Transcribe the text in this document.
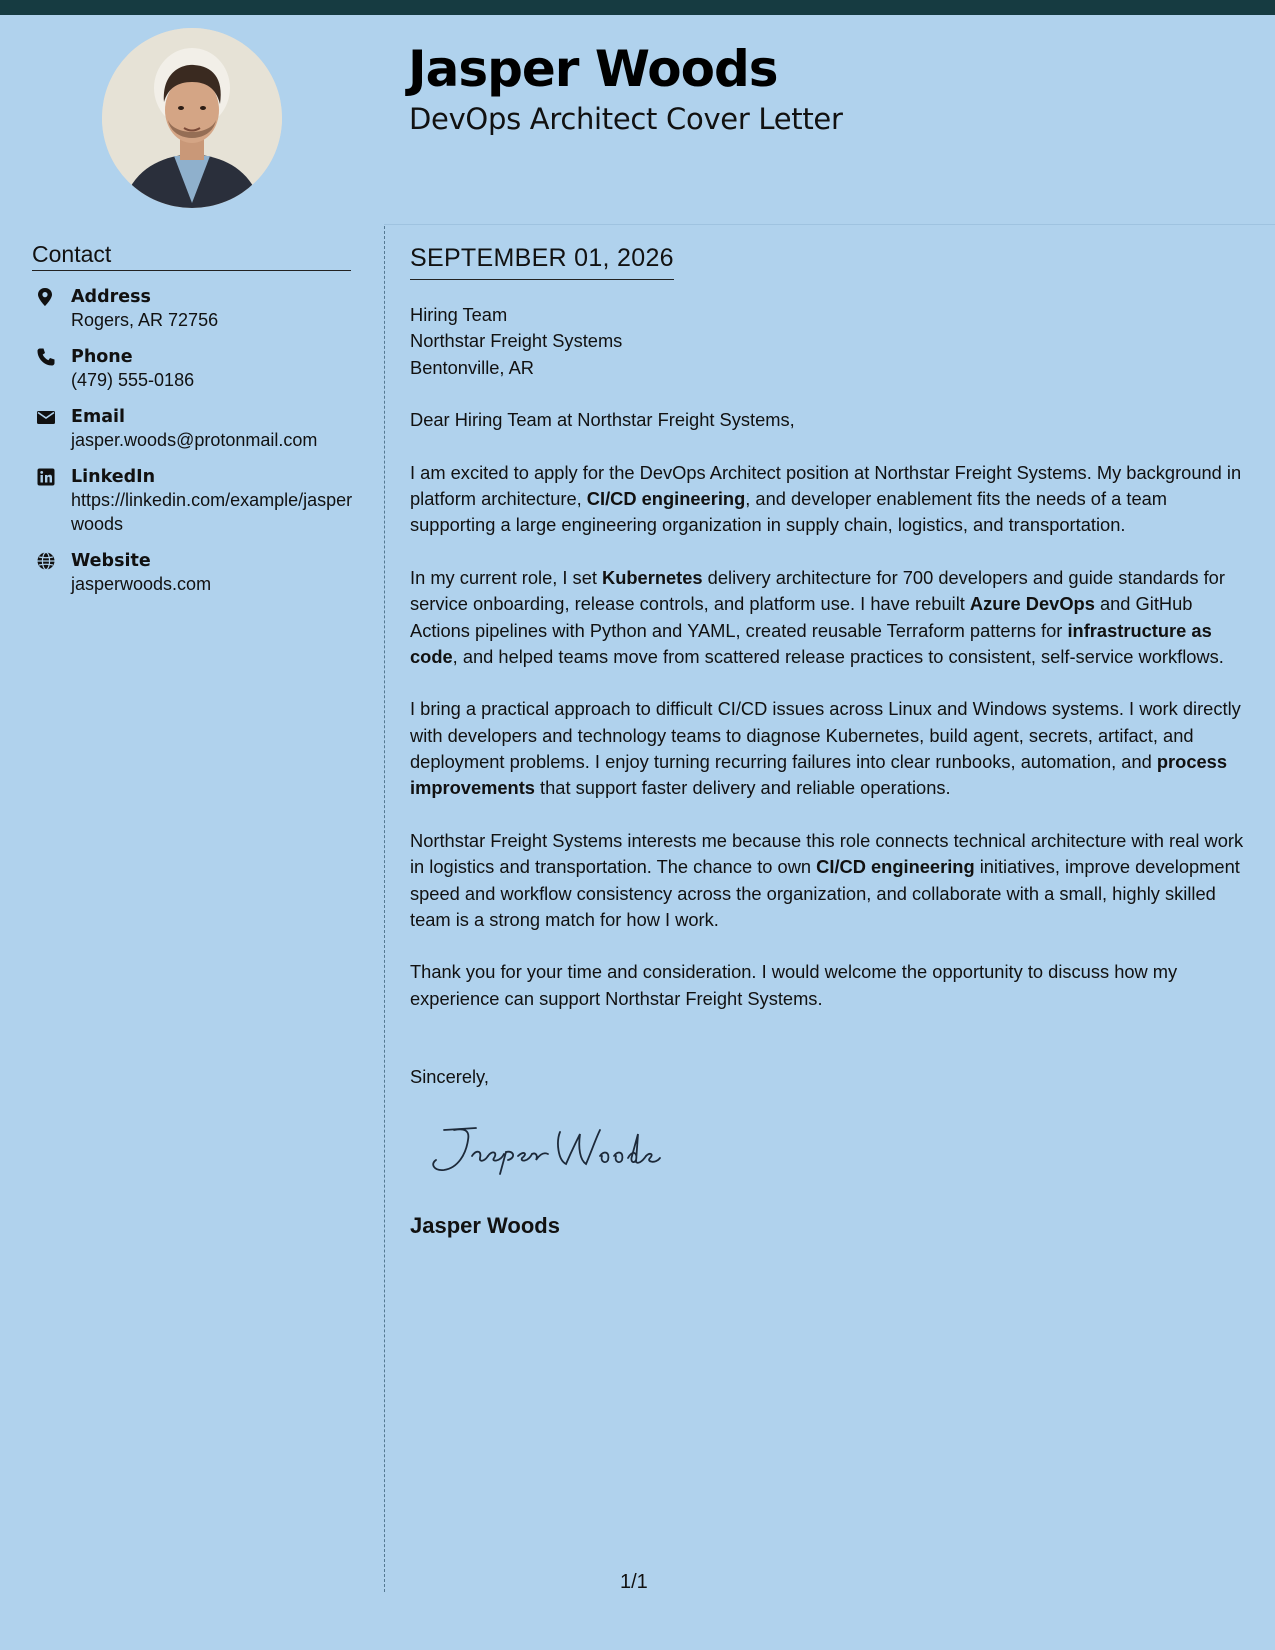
Jasper Woods
DevOps Architect Cover Letter
Contact
Address
Rogers, AR 72756
Phone
(479) 555-0186
Email
jasper.woods@protonmail.com
LinkedIn
https://linkedin.com/example/jasperwoods
Website
jasperwoods.com
SEPTEMBER 01, 2026

Hiring Team
Northstar Freight Systems
Bentonville, AR

Dear Hiring Team at Northstar Freight Systems,

I am excited to apply for the DevOps Architect position at Northstar Freight Systems. My background in platform architecture, CI/CD engineering, and developer enablement fits the needs of a team supporting a large engineering organization in supply chain, logistics, and transportation.

In my current role, I set Kubernetes delivery architecture for 700 developers and guide standards for service onboarding, release controls, and platform use. I have rebuilt Azure DevOps and GitHub Actions pipelines with Python and YAML, created reusable Terraform patterns for infrastructure as code, and helped teams move from scattered release practices to consistent, self-service workflows.

I bring a practical approach to difficult CI/CD issues across Linux and Windows systems. I work directly with developers and technology teams to diagnose Kubernetes, build agent, secrets, artifact, and deployment problems. I enjoy turning recurring failures into clear runbooks, automation, and process improvements that support faster delivery and reliable operations.

Northstar Freight Systems interests me because this role connects technical architecture with real work in logistics and transportation. The chance to own CI/CD engineering initiatives, improve development speed and workflow consistency across the organization, and collaborate with a small, highly skilled team is a strong match for how I work.

Thank you for your time and consideration. I would welcome the opportunity to discuss how my experience can support Northstar Freight Systems.

Sincerely,

Jasper Woods
1/1
